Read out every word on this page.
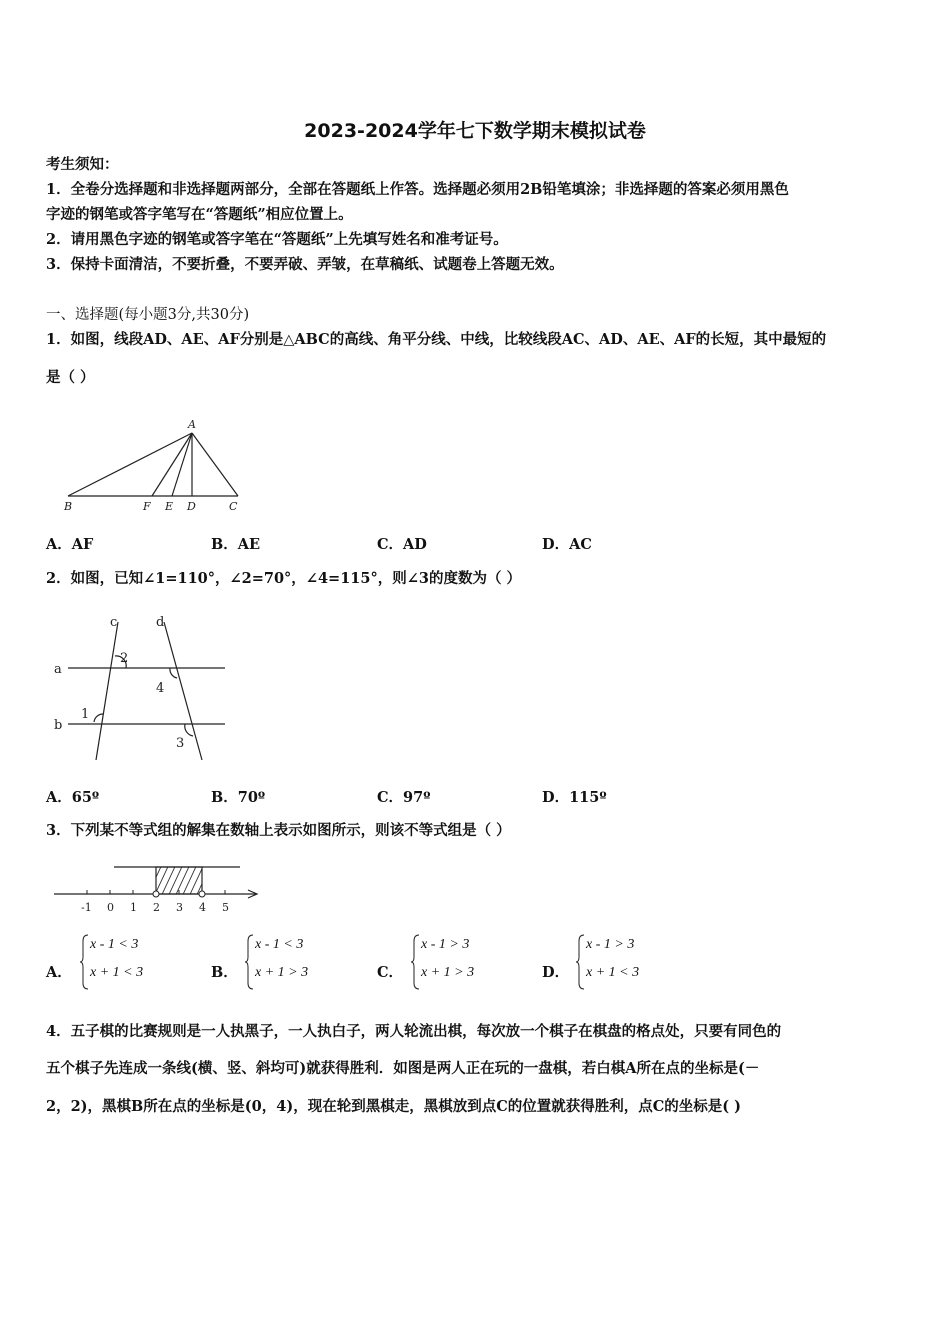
2023-2024学年七下数学期末模拟试卷
考生须知：
1．全卷分选择题和非选择题两部分，全部在答题纸上作答。选择题必须用2B铅笔填涂；非选择题的答案必须用黑色
字迹的钢笔或答字笔写在“答题纸”相应位置上。
2．请用黑色字迹的钢笔或答字笔在“答题纸”上先填写姓名和准考证号。
3．保持卡面清洁，不要折叠，不要弄破、弄皱，在草稿纸、试题卷上答题无效。
一、选择题(每小题3分,共30分)
1．如图，线段AD、AE、AF分别是△ABC的高线、角平分线、中线，比较线段AC、AD、AE、AF的长短，其中最短的
是（ ）
A
B	F E D	C
A．AF	B．AE	C．AD	D．AC
2．如图，已知∠1=110°，∠2=70°，∠4=115°，则∠3的度数为（ ）
c	d
a
b
1
2
3
4
A．65º	B．70º	C．97º	D．115º
3．下列某不等式组的解集在数轴上表示如图所示，则该不等式组是（ ）
-1 0 1 2 3 4 5
A．
x - 1 < 3
x + 1 < 3	B．
x - 1 < 3
x + 1 > 3	C．
x - 1 > 3
x + 1 > 3	D．
x - 1 > 3
x + 1 < 3
4．五子棋的比赛规则是一人执黑子，一人执白子，两人轮流出棋，每次放一个棋子在棋盘的格点处，只要有同色的
五个棋子先连成一条线(横、竖、斜均可)就获得胜利．如图是两人正在玩的一盘棋，若白棋A所在点的坐标是(－
2，2)，黑棋B所在点的坐标是(0，4)，现在轮到黑棋走，黑棋放到点C的位置就获得胜利，点C的坐标是( )
